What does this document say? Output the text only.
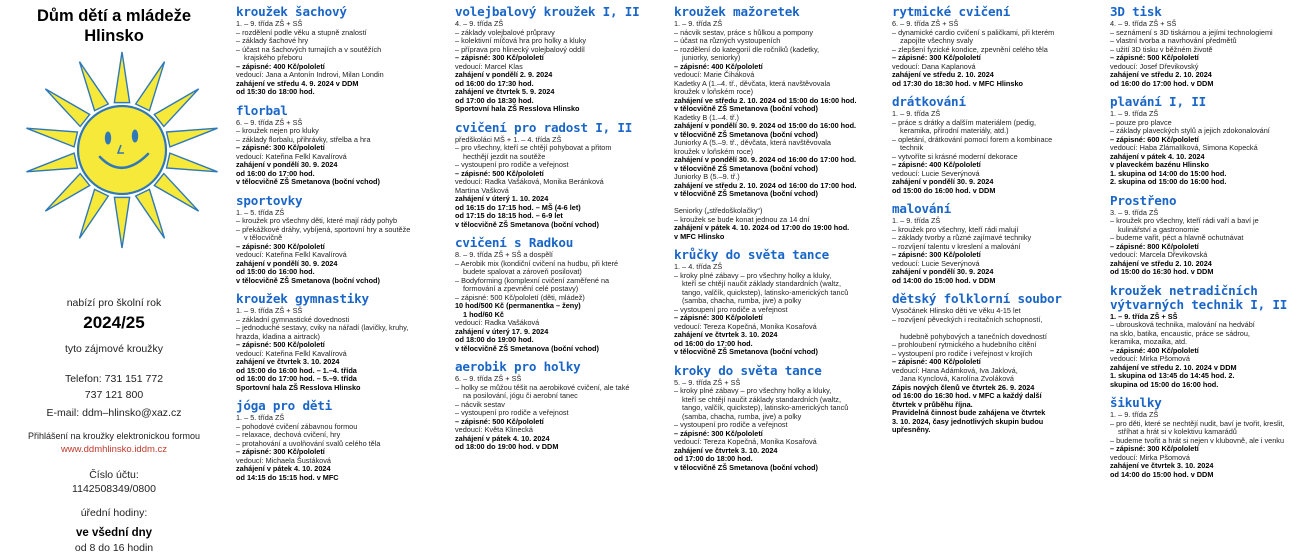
Dům dětí a mládeže
Hlinsko
nabízí pro školní rok
2024/25
tyto zájmové kroužky
Telefon: 731 151 772
737 121 800
E-mail: ddm–hlinsko@xaz.cz
Přihlášení na kroužky elektronickou formou
www.ddmhlinsko.iddm.cz
Číslo účtu:
1142508349/0800
úřední hodiny:
ve všední dny
od 8 do 16 hodin
kroužek šachový
1. – 9. třída ZŠ + SŠ
– rozdělení podle věku a stupně znalostí
– základy šachové hry
– účast na šachových turnajích a v soutěžích
krajského přeboru
– zápisné: 400 Kč/pololetí
vedoucí: Jana a Antonín Indrovi, Milan Londin
zahájení ve středu 4. 9. 2024 v DDM
od 15:30 do 18:00 hod.
florbal
6. – 9. třída ZŠ + SŠ
– kroužek nejen pro kluky
– základy florbalu, přihrávky, střelba a hra
– zápisné: 300 Kč/pololetí
vedoucí: Kateřina Felkl Kavalírová
zahájení v pondělí 30. 9. 2024
od 16:00 do 17:00 hod.
v tělocvičně ZŠ Smetanova (boční vchod)
sportovky
1. – 5. třída ZŠ
– kroužek pro všechny děti, které mají rády pohyb
– překážkové dráhy, vybíjená, sportovní hry a soutěže
v tělocvičně
– zápisné: 300 Kč/pololetí
vedoucí: Kateřina Felkl Kavalírová
zahájení v pondělí 30. 9. 2024
od 15:00 do 16:00 hod.
v tělocvičně ZŠ Smetanova (boční vchod)
kroužek gymnastiky
1. – 9. třída ZŠ + SŠ
– základní gymnastické dovednosti
– jednoduché sestavy, cviky na nářadí (lavičky, kruhy,
hrazda, kladina a airtrack)
– zápisné: 500 Kč/pololetí
vedoucí: Kateřina Felkl Kavalírová
zahájení ve čtvrtek 3. 10. 2024
od 15:00 do 16:00 hod. – 1.–4. třída
od 16:00 do 17:00 hod. – 5.–9. třída
Sportovní hala ZŠ Resslova Hlinsko
jóga pro děti
1. – 5. třída ZŠ
– pohodové cvičení zábavnou formou
– relaxace, dechová cvičení, hry
– protahování a uvolňování svalů celého těla
– zápisné: 300 Kč/pololetí
vedoucí: Michaela Šustáková
zahájení v pátek 4. 10. 2024
od 14:15 do 15:15 hod. v MFC
volejbalový kroužek I, II
4. – 9. třída ZŠ
– základy volejbalové průpravy
– kolektivní míčová hra pro holky a kluky
– příprava pro hlinecký volejbalový oddíl
– zápisné: 300 Kč/pololetí
vedoucí: Marcel Klas
zahájení v pondělí 2. 9. 2024
od 16:00 do 17:30 hod.
zahájení ve čtvrtek 5. 9. 2024
od 17:00 do 18:30 hod.
Sportovní hala ZŠ Resslova Hlinsko
cvičení pro radost I, II
předškoláci MŠ + 1. – 4. třída ZŠ
– pro všechny, kteří se chtějí pohybovat a přitom
hecthějí jezdit na soutěže
– vystoupení pro rodiče a veřejnost
– zápisné: 500 Kč/pololetí
vedoucí: Radka Vašáková, Monika Beránková
Martina Vašková
zahájení v úterý 1. 10. 2024
od 16:15 do 17:15 hod. – MŠ (4-6 let)
od 17:15 do 18:15 hod. – 6-9 let
v tělocvičně ZŠ Smetanova (boční vchod)
cvičení s Radkou
8. – 9. třída ZŠ + SŠ a dospělí
– Aerobik mix (kondiční cvičení na hudbu, při které
budete spalovat a zároveň posilovat)
– Bodyforming (komplexní cvičení zaměřené na
formování a zpevnění celé postavy)
– zápisné: 500 Kč/pololetí (děti, mládež)
10 hod/500 Kč (permanentka – ženy)
1 hod/60 Kč
vedoucí: Radka Vašáková
zahájení v úterý 17. 9. 2024
od 18:00 do 19:00 hod.
v tělocvičně ZŠ Smetanova (boční vchod)
aerobik pro holky
6. – 9. třída ZŠ + SŠ
– holky se můžou těšit na aerobikové cvičení, ale také
na posilování, jógu či aerobní tanec
– nácvik sestav
– vystoupení pro rodiče a veřejnost
– zápisné: 500 Kč/pololetí
vedoucí: Květa Klinecká
zahájení v pátek 4. 10. 2024
od 18:00 do 19:00 hod. v DDM
kroužek mažoretek
1. – 9. třída ZŠ
– nácvik sestav, práce s hůlkou a pompony
– účast na různých vystoupeních
– rozdělení do kategorií dle ročníků (kadetky,
juniorky, seniorky)
– zápisné: 400 Kč/pololetí
vedoucí: Marie Čiháková
Kadetky A (1.–4. tř., děvčata, která navštěvovala
kroužek v loňském roce)
zahájení ve středu 2. 10. 2024 od 15:00 do 16:00 hod.
v tělocvičně ZŠ Smetanova (boční vchod)
Kadetky B (1.–4. tř.)
zahájení v pondělí 30. 9. 2024 od 15:00 do 16:00 hod.
v tělocvičně ZŠ Smetanova (boční vchod)
Juniorky A (5.–9. tř., děvčata, která navštěvovala
kroužek v loňském roce)
zahájení v pondělí 30. 9. 2024 od 16:00 do 17:00 hod.
v tělocvičně ZŠ Smetanova (boční vchod)
Juniorky B (5.–9. tř.)
zahájení ve středu 2. 10. 2024 od 16:00 do 17:00 hod.
v tělocvičně ZŠ Smetanova (boční vchod)

Seniorky („středoškolačky“)
– kroužek se bude konat jednou za 14 dní
zahájení v pátek 4. 10. 2024 od 17:00 do 19:00 hod.
v MFC Hlinsko
krůčky do světa tance
1. – 4. třída ZŠ
– kroky plné zábavy – pro všechny holky a kluky,
kteří se chtějí naučit základy standardních (waltz,
tango, valčík, quickstep), latinsko-amerických tanců
(samba, chacha, rumba, jive) a polky
– vystoupení pro rodiče a veřejnost
– zápisné: 300 Kč/pololetí
vedoucí: Tereza Kopečná, Monika Kosařová
zahájení ve čtvrtek 3. 10. 2024
od 16:00 do 17:00 hod.
v tělocvičně ZŠ Smetanova (boční vchod)
kroky do světa tance
5. – 9. třída ZŠ + SŠ
– kroky plné zábavy – pro všechny holky a kluky,
kteří se chtějí naučit základy standardních (waltz,
tango, valčík, quickstep), latinsko-amerických tanců
(samba, chacha, rumba, jive) a polky
– vystoupení pro rodiče a veřejnost
– zápisné: 300 Kč/pololetí
vedoucí: Tereza Kopečná, Monika Kosařová
zahájení ve čtvrtek 3. 10. 2024
od 17:00 do 18:00 hod.
v tělocvičně ZŠ Smetanova (boční vchod)
rytmické cvičení
6. – 9. třída ZŠ + SŠ
– dynamické cardio cvičení s paličkami, při kterém
zapojíte všechny svaly
– zlepšení fyzické kondice, zpevnění celého těla
– zápisné: 300 Kč/pololetí
vedoucí: Dana Kaplanová
zahájení ve středu 2. 10. 2024
od 17:30 do 18:30 hod. v MFC Hlinsko
drátkování
1. – 9. třída ZŠ
– práce s drátky a dalším materiálem (pedig,
keramika, přírodní materiály, atd.)
– opletání, drátkování pomocí forem a kombinace
technik
– vytvoříte si krásné moderní dekorace
– zápisné: 400 Kč/pololetí
vedoucí: Lucie Severýnová
zahájení v pondělí 30. 9. 2024
od 15:00 do 16:00 hod. v DDM
malování
1. – 9. třída ZŠ
– kroužek pro všechny, kteří rádi malují
– základy tvorby a různé zajímavé techniky
– rozvíjení talentu v kreslení a malování
– zápisné: 300 Kč/pololetí
vedoucí: Lucie Severýnová
zahájení v pondělí 30. 9. 2024
od 14:00 do 15:00 hod. v DDM
dětský folklorní soubor
Vysočánek Hlinsko děti ve věku 4-15 let
– rozvíjení pěveckých i recitačních schopností,

hudebně pohybových a tanečních dovedností
– prohloubení rytmického a hudebního cítění
– vystoupení pro rodiče i veřejnost v krojích
– zápisné: 400 Kč/pololetí
vedoucí: Hana Adámková, Iva Jaklová,
Jana Kynclová, Karolína Zvoláková
Zápis nových členů ve čtvrtek 26. 9. 2024
od 16:00 do 16:30 hod. v MFC a každý další
čtvrtek v průběhu října.
Pravidelná činnost bude zahájena ve čtvrtek
3. 10. 2024, časy jednotlivých skupin budou
upřesněny.
3D tisk
4. – 9. třída ZŠ + SŠ
– seznámení s 3D tiskárnou a jejími technologiemi
– vlastní tvorba a navrhování předmětů
– užití 3D tisku v běžném životě
– zápisné: 500 Kč/pololetí
vedoucí: Josef Dřevikovský
zahájení ve středu 2. 10. 2024
od 16:00 do 17:00 hod. v DDM
plavání I, II
1. – 9. třída ZŠ
– pouze pro plavce
– základy plaveckých stylů a jejich zdokonalování
– zápisné: 600 Kč/pololetí
vedoucí: Haba Zlámalíková, Simona Kopecká
zahájení v pátek 4. 10. 2024
v plaveckém bazénu Hlinsko
1. skupina od 14:00 do 15:00 hod.
2. skupina od 15:00 do 16:00 hod.
Prostřeno
3. – 9. třída ZŠ
– kroužek pro všechny, kteří rádi vaří a baví je
kulinářství a gastronomie
– budeme vařit, péct a hlavně ochutnávat
– zápisné: 800 Kč/pololetí
vedoucí: Marcela Dřevikovská
zahájení ve středu 2. 10. 2024
od 15:00 do 16:30 hod. v DDM
kroužek netradičních výtvarných technik I, II
1. – 9. třída ZŠ + SŠ
– ubrousková technika, malování na hedvábí
na sklo, batika, encaustic, práce se sádrou,
keramika, mozaika, atd.
– zápisné: 400 Kč/pololetí
vedoucí: Mirka Pšomová
zahájení ve středu 2. 10. 2024 v DDM
1. skupina od 13:45 do 14:45 hod. 2.
skupina od 15:00 do 16:00 hod.
šikulky
1. – 9. třída ZŠ
– pro děti, které se nechtějí nudit, baví je tvořit, kreslit,
stříhat a hrát si v kolektivu kamarádů
– budeme tvořit a hrát si nejen v klubovně, ale i venku
– zápisné: 300 Kč/pololetí
vedoucí: Mirka Pšomová
zahájení ve čtvrtek 3. 10. 2024
od 14:00 do 15:00 hod. v DDM
